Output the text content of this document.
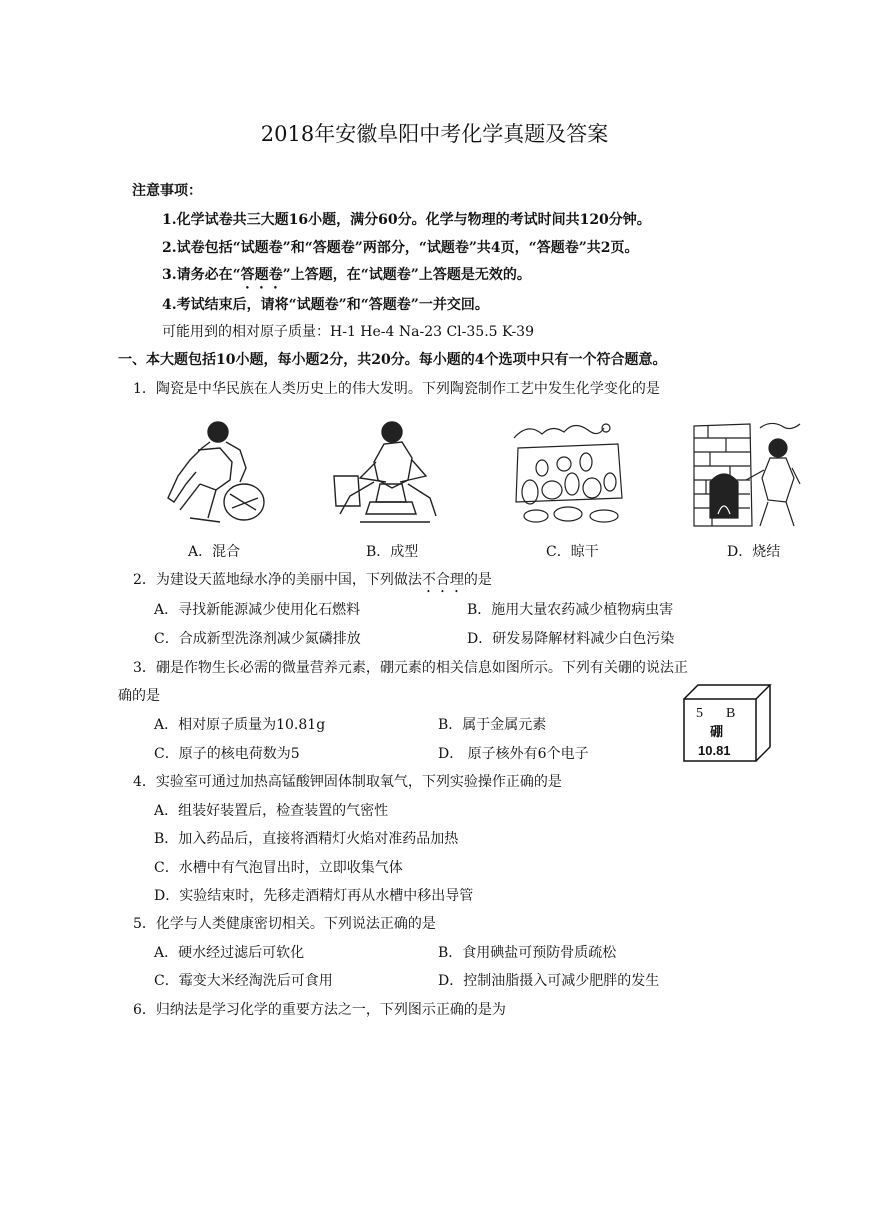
2018年安徽阜阳中考化学真题及答案
注意事项：
1.化学试卷共三大题16小题，满分60分。化学与物理的考试时间共120分钟。
2.试卷包括“试题卷”和“答题卷”两部分，“试题卷”共4页，“答题卷”共2页。
3.请务必在“答题卷”上答题，在“试题卷”上答题是无效的。
4.考试结束后，请将“试题卷”和“答题卷”一并交回。
可能用到的相对原子质量：H-1 He-4 Na-23 Cl-35.5 K-39
一、本大题包括10小题，每小题2分，共20分。每小题的4个选项中只有一个符合题意。
1．陶瓷是中华民族在人类历史上的伟大发明。下列陶瓷制作工艺中发生化学变化的是
A．混合	B．成型	C．晾干	D．烧结
2．为建设天蓝地绿水净的美丽中国，下列做法不合理的是
A．寻找新能源减少使用化石燃料	B．施用大量农药减少植物病虫害
C．合成新型洗涤剂减少氮磷排放	D．研发易降解材料减少白色污染
3．硼是作物生长必需的微量营养元素，硼元素的相关信息如图所示。下列有关硼的说法正
确的是
A．相对原子质量为10.81g	B．属于金属元素
C．原子的核电荷数为5	D． 原子核外有6个电子
5 B
硼
10.81
4．实验室可通过加热高锰酸钾固体制取氧气，下列实验操作正确的是
A．组装好装置后，检查装置的气密性
B．加入药品后，直接将酒精灯火焰对准药品加热
C．水槽中有气泡冒出时，立即收集气体
D．实验结束时，先移走酒精灯再从水槽中移出导管
5．化学与人类健康密切相关。下列说法正确的是
A．硬水经过滤后可软化	B．食用碘盐可预防骨质疏松
C．霉变大米经淘洗后可食用	D．控制油脂摄入可减少肥胖的发生
6．归纳法是学习化学的重要方法之一，下列图示正确的是为
